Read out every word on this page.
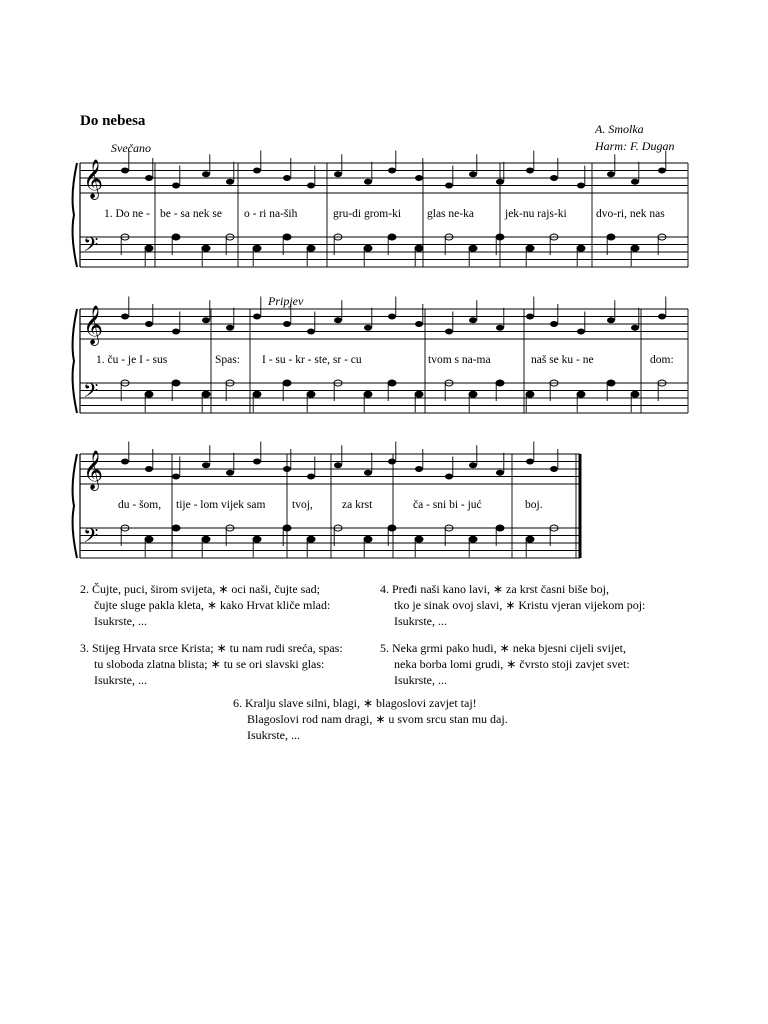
Do nebesa
Svečano
A. Smolka
Harm: F. Dugan
Pripjev
𝄞
𝄢
𝄞
𝄢
𝄞
𝄢
1. Do ne - be - sa nek se o - ri na-ših	gru-di grom-ki glas ne-ka	jek-nu rajs-ki	dvo-ri, nek nas
1. ču - je I - sus	Spas: I - su - kr - ste, sr - cu	tvom s na-ma	naš se ku - ne	dom:
du - šom, tije - lom vijek sam tvoj,	za krst	ča - sni bi - juć	boj.
2. Čujte, puci, širom svijeta, ∗ oci naši, čujte sad;
čujte sluge pakla kleta, ∗ kako Hrvat kliče mlad:
Isukrste, ...
4. Pređi naši kano lavi, ∗ za krst časni biše boj,
tko je sinak ovoj slavi, ∗ Kristu vjeran vijekom poj:
Isukrste, ...
3. Stijeg Hrvata srce Krista; ∗ tu nam rudi sreća, spas:
tu sloboda zlatna blista; ∗ tu se ori slavski glas:
Isukrste, ...
5. Neka grmi pako hudi, ∗ neka bjesni cijeli svijet,
neka borba lomi grudi, ∗ čvrsto stoji zavjet svet:
Isukrste, ...
6. Kralju slave silni, blagi, ∗ blagoslovi zavjet taj!
Blagoslovi rod nam dragi, ∗ u svom srcu stan mu daj.
Isukrste, ...
